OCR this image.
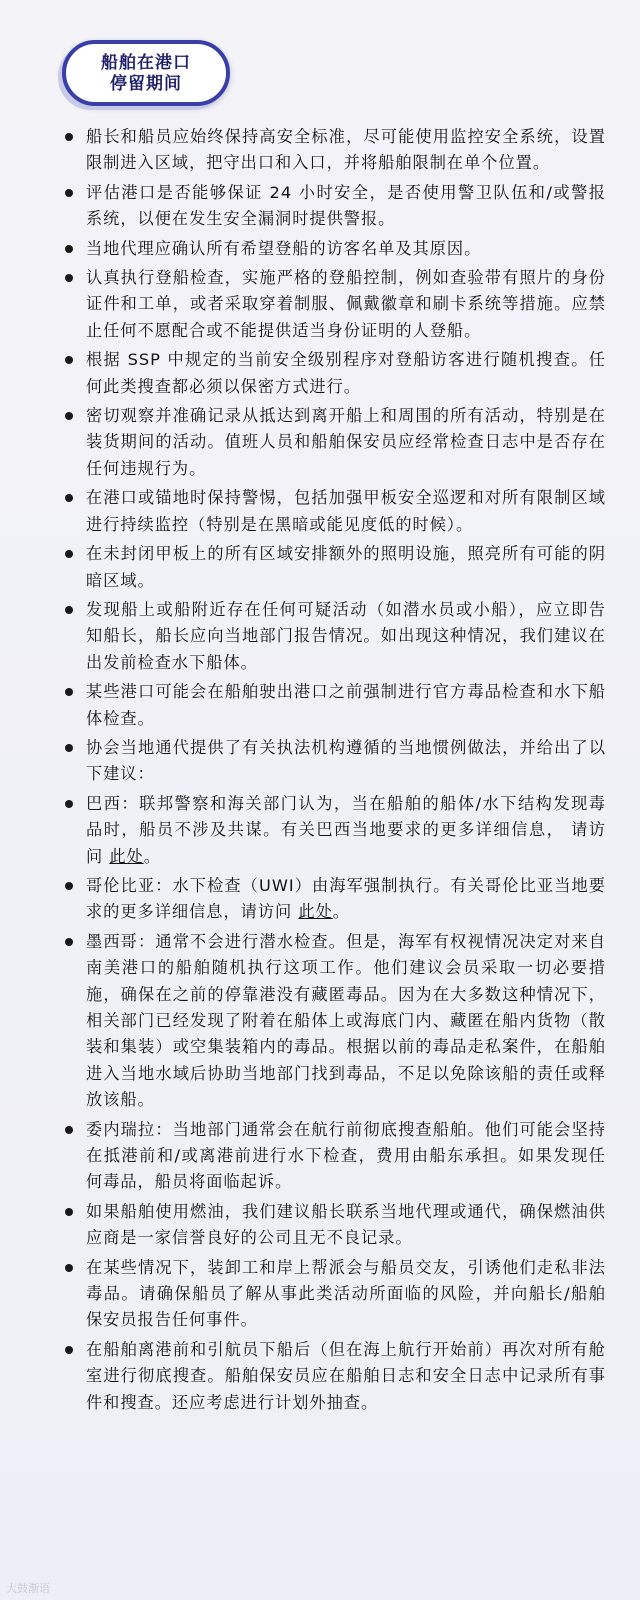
船舶在港口
停留期间
船长和船员应始终保持高安全标准，尽可能使用监控安全系统，设置限制进入区域，把守出口和入口，并将船舶限制在单个位置。
评估港口是否能够保证 24 小时安全，是否使用警卫队伍和/或警报系统，以便在发生安全漏洞时提供警报。
当地代理应确认所有希望登船的访客名单及其原因。
认真执行登船检查，实施严格的登船控制，例如查验带有照片的身份证件和工单，或者采取穿着制服、佩戴徽章和刷卡系统等措施。应禁止任何不愿配合或不能提供适当身份证明的人登船。
根据 SSP 中规定的当前安全级别程序对登船访客进行随机搜查。任何此类搜查都必须以保密方式进行。
密切观察并准确记录从抵达到离开船上和周围的所有活动，特别是在装货期间的活动。值班人员和船舶保安员应经常检查日志中是否存在任何违规行为。
在港口或锚地时保持警惕，包括加强甲板安全巡逻和对所有限制区域进行持续监控（特别是在黑暗或能见度低的时候）。
在未封闭甲板上的所有区域安排额外的照明设施，照亮所有可能的阴暗区域。
发现船上或船附近存在任何可疑活动（如潜水员或小船），应立即告知船长，船长应向当地部门报告情况。如出现这种情况，我们建议在出发前检查水下船体。
某些港口可能会在船舶驶出港口之前强制进行官方毒品检查和水下船体检查。
协会当地通代提供了有关执法机构遵循的当地惯例做法，并给出了以下建议：
巴西：联邦警察和海关部门认为，当在船舶的船体/水下结构发现毒品时，船员不涉及共谋。有关巴西当地要求的更多详细信息， 请访问 此处。
哥伦比亚：水下检查（UWI）由海军强制执行。有关哥伦比亚当地要求的更多详细信息，请访问 此处。
墨西哥：通常不会进行潜水检查。但是，海军有权视情况决定对来自南美港口的船舶随机执行这项工作。他们建议会员采取一切必要措施，确保在之前的停靠港没有藏匿毒品。因为在大多数这种情况下，相关部门已经发现了附着在船体上或海底门内、藏匿在船内货物（散装和集装）或空集装箱内的毒品。根据以前的毒品走私案件，在船舶进入当地水域后协助当地部门找到毒品，不足以免除该船的责任或释放该船。
委内瑞拉：当地部门通常会在航行前彻底搜查船舶。他们可能会坚持在抵港前和/或离港前进行水下检查，费用由船东承担。如果发现任何毒品，船员将面临起诉。
如果船舶使用燃油，我们建议船长联系当地代理或通代，确保燃油供应商是一家信誉良好的公司且无不良记录。
在某些情况下，装卸工和岸上帮派会与船员交友，引诱他们走私非法毒品。请确保船员了解从事此类活动所面临的风险，并向船长/船舶保安员报告任何事件。
在船舶离港前和引航员下船后（但在海上航行开始前）再次对所有舱室进行彻底搜查。船舶保安员应在船舶日志和安全日志中记录所有事件和搜查。还应考虑进行计划外抽查。
大鼓渐语
